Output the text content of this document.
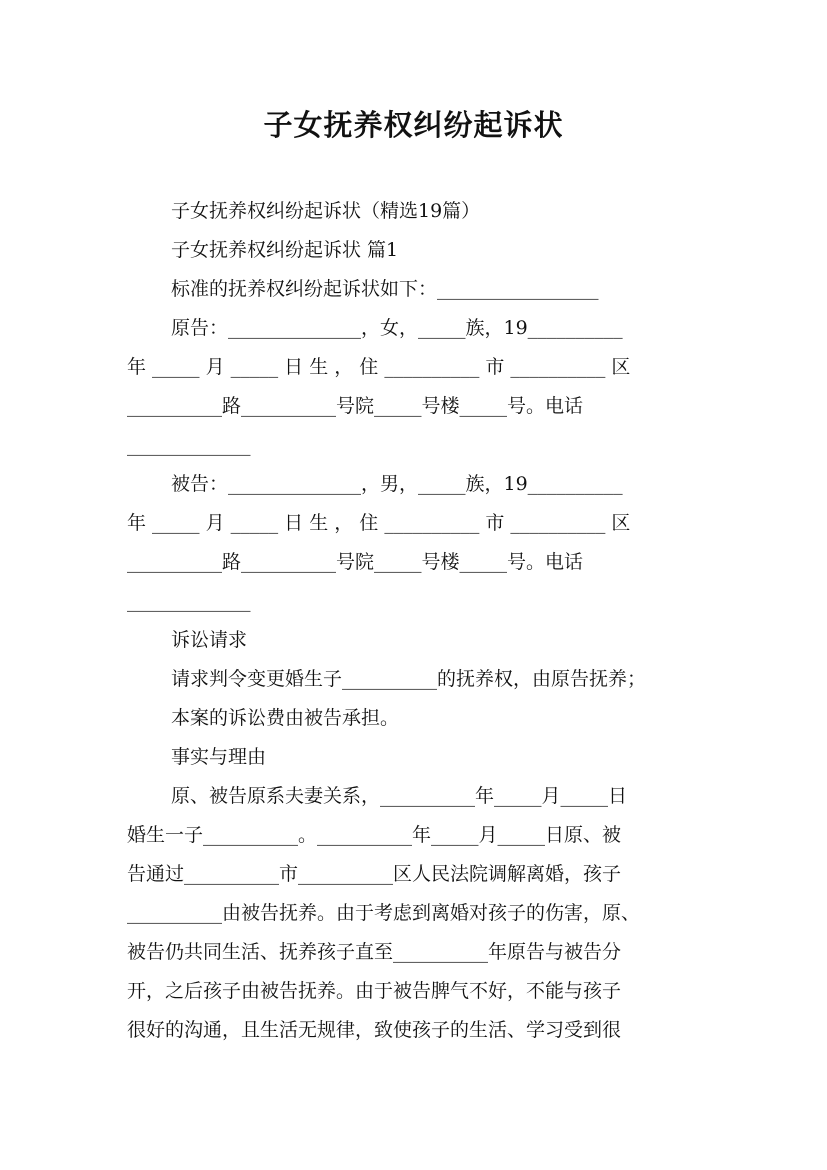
子女抚养权纠纷起诉状
子女抚养权纠纷起诉状（精选19篇）
子女抚养权纠纷起诉状 篇1
标准的抚养权纠纷起诉状如下：_________________
原告：______________，女，_____族，19__________
年 _____ 月 _____ 日 生 ， 住 __________ 市 __________ 区
__________路__________号院_____号楼_____号。电话
_____________
被告：______________，男，_____族，19__________
年 _____ 月 _____ 日 生 ， 住 __________ 市 __________ 区
__________路__________号院_____号楼_____号。电话
_____________
诉讼请求
请求判令变更婚生子__________的抚养权，由原告抚养；
本案的诉讼费由被告承担。
事实与理由
原、被告原系夫妻关系，__________年_____月_____日
婚生一子__________。__________年_____月_____日原、被
告通过__________市__________区人民法院调解离婚，孩子
__________由被告抚养。由于考虑到离婚对孩子的伤害，原、
被告仍共同生活、抚养孩子直至__________年原告与被告分
开，之后孩子由被告抚养。由于被告脾气不好，不能与孩子
很好的沟通，且生活无规律，致使孩子的生活、学习受到很
